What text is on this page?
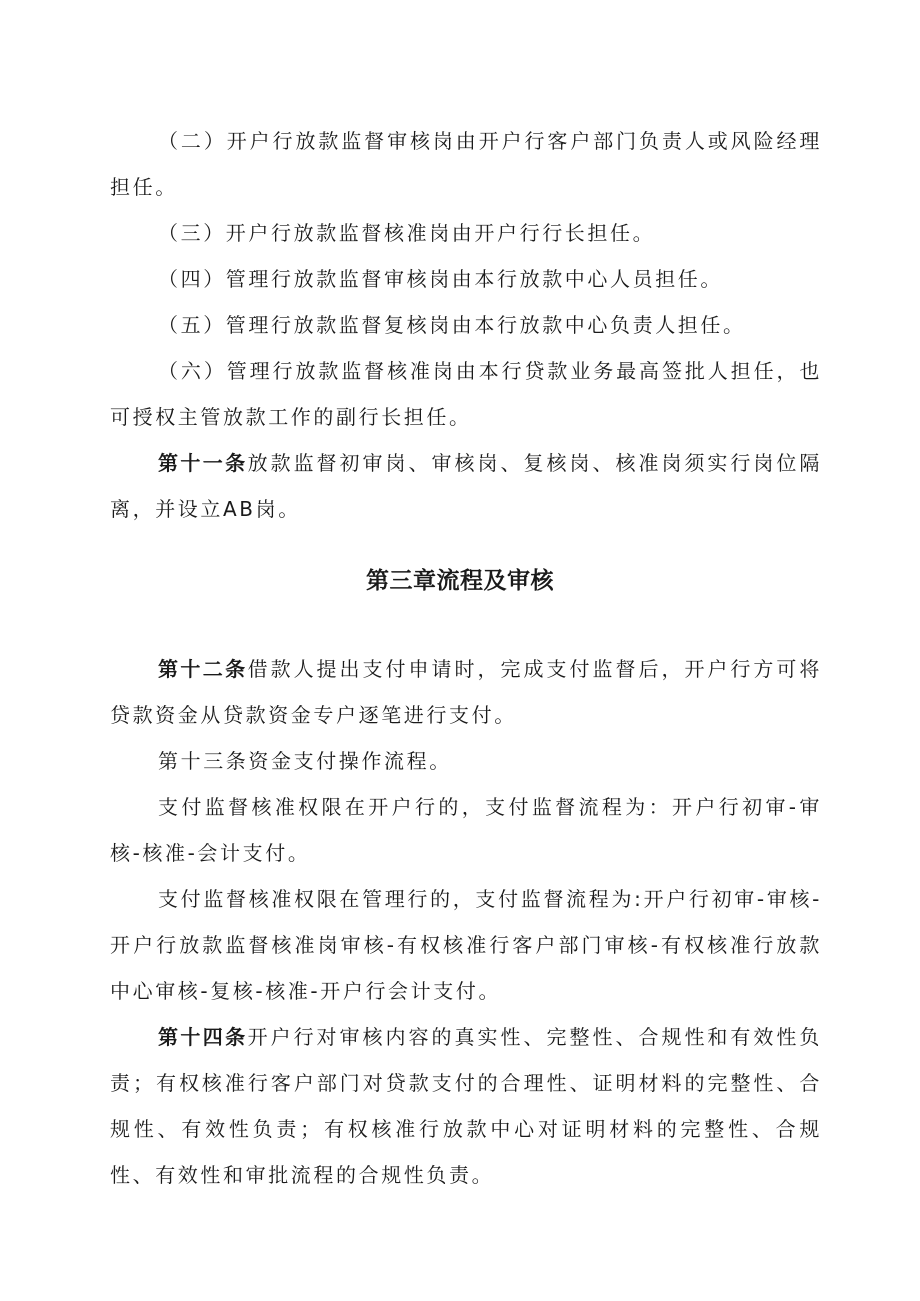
（二）开户行放款监督审核岗由开户行客户部门负责人或风险经理担任。

（三）开户行放款监督核准岗由开户行行长担任。

（四）管理行放款监督审核岗由本行放款中心人员担任。

（五）管理行放款监督复核岗由本行放款中心负责人担任。

（六）管理行放款监督核准岗由本行贷款业务最高签批人担任，也可授权主管放款工作的副行长担任。

第十一条放款监督初审岗、审核岗、复核岗、核准岗须实行岗位隔离，并设立AB岗。

第三章流程及审核

第十二条借款人提出支付申请时，完成支付监督后，开户行方可将贷款资金从贷款资金专户逐笔进行支付。

第十三条资金支付操作流程。

支付监督核准权限在开户行的，支付监督流程为：开户行初审-审核-核准-会计支付。

支付监督核准权限在管理行的，支付监督流程为:开户行初审-审核-开户行放款监督核准岗审核-有权核准行客户部门审核-有权核准行放款中心审核-复核-核准-开户行会计支付。

第十四条开户行对审核内容的真实性、完整性、合规性和有效性负责；有权核准行客户部门对贷款支付的合理性、证明材料的完整性、合规性、有效性负责；有权核准行放款中心对证明材料的完整性、合规性、有效性和审批流程的合规性负责。
